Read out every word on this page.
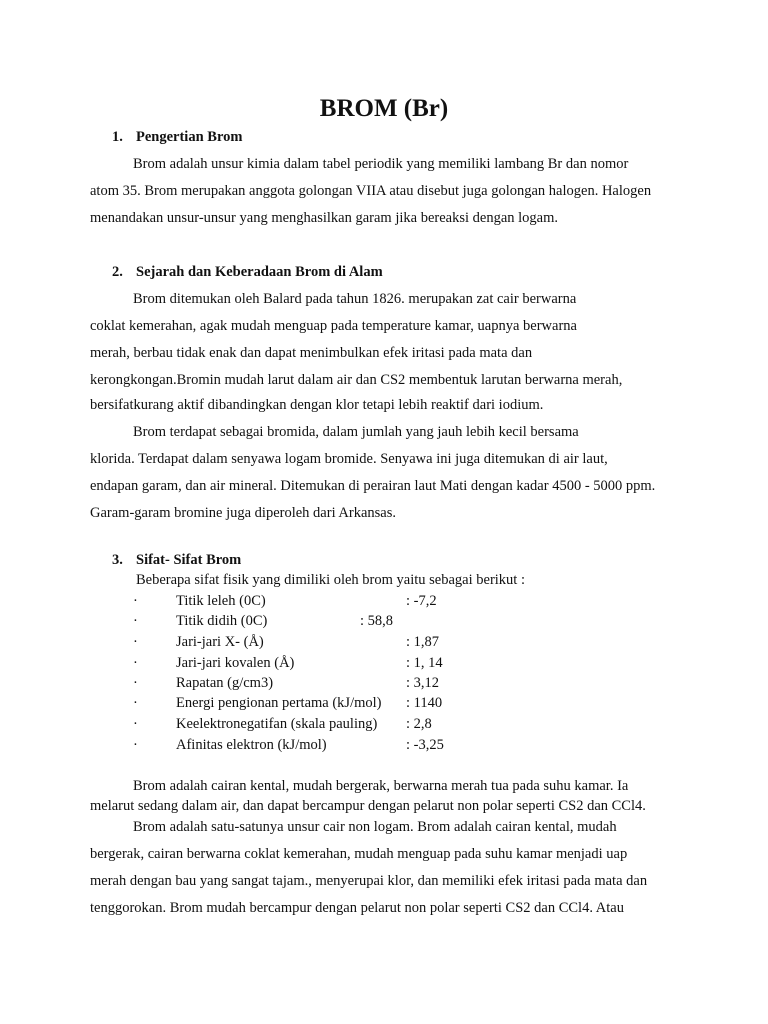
BROM (Br)
1. Pengertian Brom
Brom adalah unsur kimia dalam tabel periodik yang memiliki lambang Br dan nomor
atom 35. Brom merupakan anggota golongan VIIA atau disebut juga golongan halogen. Halogen
menandakan unsur-unsur yang menghasilkan garam jika bereaksi dengan logam.
2. Sejarah dan Keberadaan Brom di Alam
Brom ditemukan oleh Balard pada tahun 1826. merupakan zat cair berwarna
coklat kemerahan, agak mudah menguap pada temperature kamar, uapnya berwarna
merah, berbau tidak enak dan dapat menimbulkan efek iritasi pada mata dan
kerongkongan.Bromin mudah larut dalam air dan CS2 membentuk larutan berwarna merah,
bersifatkurang aktif dibandingkan dengan klor tetapi lebih reaktif dari iodium.
Brom terdapat sebagai bromida, dalam jumlah yang jauh lebih kecil bersama
klorida. Terdapat dalam senyawa logam bromide. Senyawa ini juga ditemukan di air laut,
endapan garam, dan air mineral. Ditemukan di perairan laut Mati dengan kadar 4500 - 5000 ppm.
Garam-garam bromine juga diperoleh dari Arkansas.
3. Sifat- Sifat Brom
Beberapa sifat fisik yang dimiliki oleh brom yaitu sebagai berikut :
·	Titik leleh (0C)	: -7,2
·	Titik didih (0C)	: 58,8
·	Jari-jari X- (Å)	: 1,87
·	Jari-jari kovalen (Å)	: 1, 14
·	Rapatan (g/cm3)	: 3,12
·	Energi pengionan pertama (kJ/mol) : 1140
·	Keelektronegatifan (skala pauling) : 2,8
·	Afinitas elektron (kJ/mol)	: -3,25
Brom adalah cairan kental, mudah bergerak, berwarna merah tua pada suhu kamar. Ia
melarut sedang dalam air, dan dapat bercampur dengan pelarut non polar seperti CS2 dan CCl4.
Brom adalah satu-satunya unsur cair non logam. Brom adalah cairan kental, mudah
bergerak, cairan berwarna coklat kemerahan, mudah menguap pada suhu kamar menjadi uap
merah dengan bau yang sangat tajam., menyerupai klor, dan memiliki efek iritasi pada mata dan
tenggorokan. Brom mudah bercampur dengan pelarut non polar seperti CS2 dan CCl4. Atau
